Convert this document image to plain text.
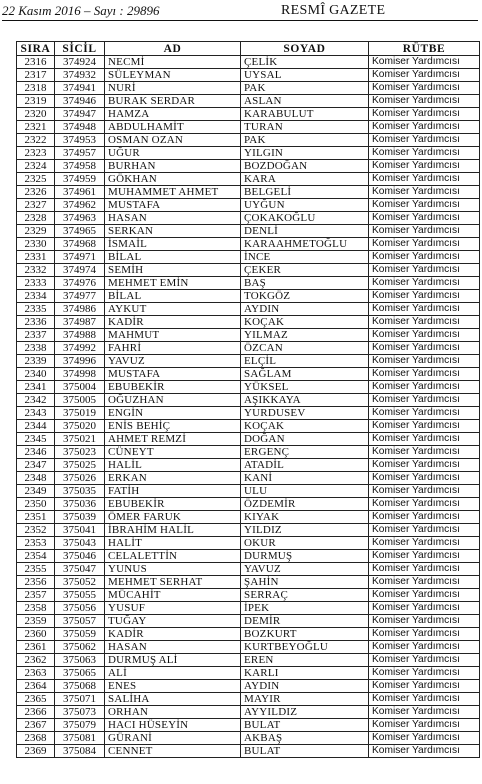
22 Kasım 2016 – Sayı : 29896	RESMÎ GAZETE
SIRA	SİCİL	AD	SOYAD	RÜTBE
2316	374924	NECMİ	ÇELİK	Komiser Yardımcısı
2317	374932	SÜLEYMAN	UYSAL	Komiser Yardımcısı
2318	374941	NURİ	PAK	Komiser Yardımcısı
2319	374946	BURAK SERDAR	ASLAN	Komiser Yardımcısı
2320	374947	HAMZA	KARABULUT	Komiser Yardımcısı
2321	374948	ABDULHAMİT	TURAN	Komiser Yardımcısı
2322	374953	OSMAN OZAN	PAK	Komiser Yardımcısı
2323	374957	UĞUR	YILGIN	Komiser Yardımcısı
2324	374958	BURHAN	BOZDOĞAN	Komiser Yardımcısı
2325	374959	GÖKHAN	KARA	Komiser Yardımcısı
2326	374961	MUHAMMET AHMET	BELGELİ	Komiser Yardımcısı
2327	374962	MUSTAFA	UYĞUN	Komiser Yardımcısı
2328	374963	HASAN	ÇOKAKOĞLU	Komiser Yardımcısı
2329	374965	SERKAN	DENLİ	Komiser Yardımcısı
2330	374968	İSMAİL	KARAAHMETOĞLU	Komiser Yardımcısı
2331	374971	BİLAL	İNCE	Komiser Yardımcısı
2332	374974	SEMİH	ÇEKER	Komiser Yardımcısı
2333	374976	MEHMET EMİN	BAŞ	Komiser Yardımcısı
2334	374977	BİLAL	TOKGÖZ	Komiser Yardımcısı
2335	374986	AYKUT	AYDIN	Komiser Yardımcısı
2336	374987	KADİR	KOÇAK	Komiser Yardımcısı
2337	374988	MAHMUT	YILMAZ	Komiser Yardımcısı
2338	374992	FAHRİ	ÖZCAN	Komiser Yardımcısı
2339	374996	YAVUZ	ELÇİL	Komiser Yardımcısı
2340	374998	MUSTAFA	SAĞLAM	Komiser Yardımcısı
2341	375004	EBUBEKİR	YÜKSEL	Komiser Yardımcısı
2342	375005	OĞUZHAN	AŞIKKAYA	Komiser Yardımcısı
2343	375019	ENGİN	YURDUSEV	Komiser Yardımcısı
2344	375020	ENİS BEHİÇ	KOÇAK	Komiser Yardımcısı
2345	375021	AHMET REMZİ	DOĞAN	Komiser Yardımcısı
2346	375023	CÜNEYT	ERGENÇ	Komiser Yardımcısı
2347	375025	HALİL	ATADİL	Komiser Yardımcısı
2348	375026	ERKAN	KANİ	Komiser Yardımcısı
2349	375035	FATİH	ULU	Komiser Yardımcısı
2350	375036	EBUBEKİR	ÖZDEMİR	Komiser Yardımcısı
2351	375039	ÖMER FARUK	KIYAK	Komiser Yardımcısı
2352	375041	İBRAHİM HALİL	YILDIZ	Komiser Yardımcısı
2353	375043	HALİT	OKUR	Komiser Yardımcısı
2354	375046	CELALETTİN	DURMUŞ	Komiser Yardımcısı
2355	375047	YUNUS	YAVUZ	Komiser Yardımcısı
2356	375052	MEHMET SERHAT	ŞAHİN	Komiser Yardımcısı
2357	375055	MÜCAHİT	SERRAÇ	Komiser Yardımcısı
2358	375056	YUSUF	İPEK	Komiser Yardımcısı
2359	375057	TUĞAY	DEMİR	Komiser Yardımcısı
2360	375059	KADİR	BOZKURT	Komiser Yardımcısı
2361	375062	HASAN	KURTBEYOĞLU	Komiser Yardımcısı
2362	375063	DURMUŞ ALİ	EREN	Komiser Yardımcısı
2363	375065	ALİ	KARLI	Komiser Yardımcısı
2364	375068	ENES	AYDIN	Komiser Yardımcısı
2365	375071	SALİHA	MAYIR	Komiser Yardımcısı
2366	375073	ORHAN	AYYILDIZ	Komiser Yardımcısı
2367	375079	HACI HÜSEYİN	BULAT	Komiser Yardımcısı
2368	375081	GÜRANİ	AKBAŞ	Komiser Yardımcısı
2369	375084	CENNET	BULAT	Komiser Yardımcısı
